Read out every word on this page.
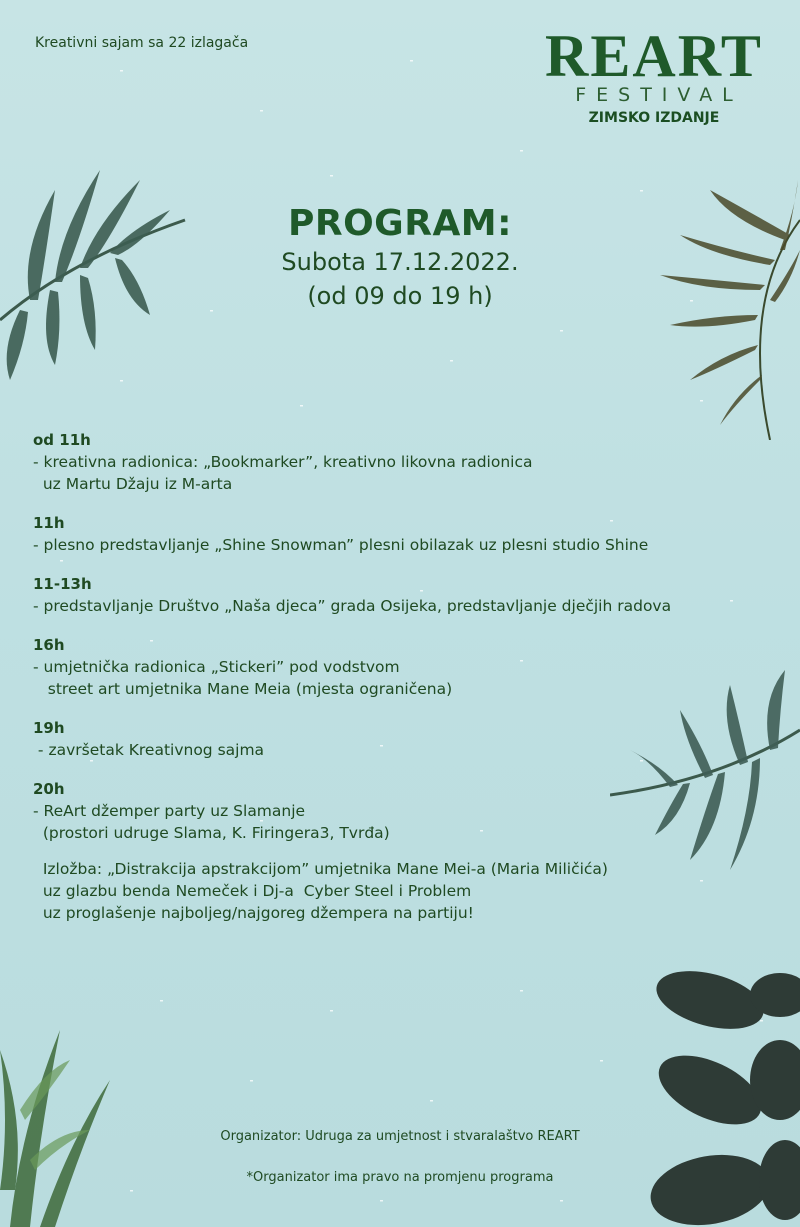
Kreativni sajam sa 22 izlagača	REART
FESTIVAL
ZIMSKO IZDANJE
PROGRAM:
Subota 17.12.2022.
(od 09 do 19 h)
od 11h
- kreativna radionica: „Bookmarker”, kreativno likovna radionica
uz Martu Džaju iz M-arta
11h
- plesno predstavljanje „Shine Snowman” plesni obilazak uz plesni studio Shine
11-13h
- predstavljanje Društvo „Naša djeca” grada Osijeka, predstavljanje dječjih radova
16h
- umjetnička radionica „Stickeri” pod vodstvom
street art umjetnika Mane Meia (mjesta ograničena)
19h
- završetak Kreativnog sajma
20h
- ReArt džemper party uz Slamanje
(prostori udruge Slama, K. Firingera3, Tvrđa)
Izložba: „Distrakcija apstrakcijom” umjetnika Mane Mei-a (Maria Miličića)
uz glazbu benda Nemeček i Dj-a  Cyber Steel i Problem
uz proglašenje najboljeg/najgoreg džempera na partiju!
Organizator: Udruga za umjetnost i stvaralaštvo REART
*Organizator ima pravo na promjenu programa
